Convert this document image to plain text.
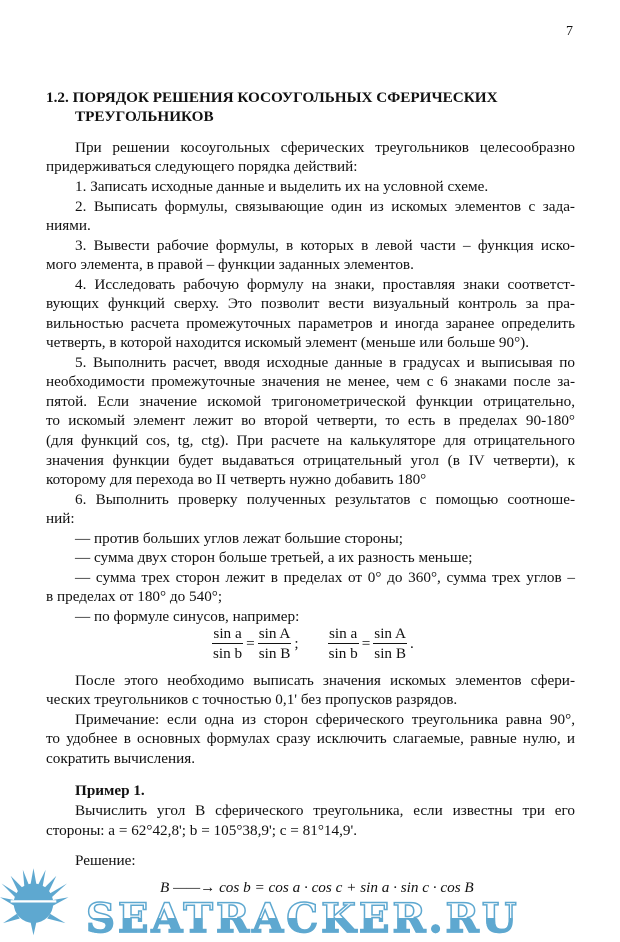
7
1.2. ПОРЯДОК РЕШЕНИЯ КОСОУГОЛЬНЫХ СФЕРИЧЕСКИХ
ТРЕУГОЛЬНИКОВ
При решении косоугольных сферических треугольников целесообразно
придерживаться следующего порядка действий:
1. Записать исходные данные и выделить их на условной схеме.
2. Выписать формулы, связывающие один из искомых элементов с зада-
ниями.
3. Вывести рабочие формулы, в которых в левой части – функция иско-
мого элемента, в правой – функции заданных элементов.
4. Исследовать рабочую формулу на знаки, проставляя знаки соответст-
вующих функций сверху. Это позволит вести визуальный контроль за пра-
вильностью расчета промежуточных параметров и иногда заранее определить
четверть, в которой находится искомый элемент (меньше или больше 90°).
5. Выполнить расчет, вводя исходные данные в градусах и выписывая по
необходимости промежуточные значения не менее, чем с 6 знаками после за-
пятой. Если значение искомой тригонометрической функции отрицательно,
то искомый элемент лежит во второй четверти, то есть в пределах 90-180°
(для функций cos, tg, ctg). При расчете на калькуляторе для отрицательного
значения функции будет выдаваться отрицательный угол (в IV четверти), к
которому для перехода во II четверть нужно добавить 180°
6. Выполнить проверку полученных результатов с помощью соотноше-
ний:
— против больших углов лежат большие стороны;
— сумма двух сторон больше третьей, а их разность меньше;
— сумма трех сторон лежит в пределах от 0° до 360°, сумма трех углов –
в пределах от 180° до 540°;
— по формуле синусов, например:
$\frac{\text{sin a}}{\text{sin b}} = \frac{\text{sin A}}{\text{sin B}}$ ; $\frac{\text{sin a}}{\text{sin b}} = \frac{\text{sin A}}{\text{sin B}}$ .
После этого необходимо выписать значения искомых элементов сфери-
ческих треугольников с точностью 0,1' без пропусков разрядов.
Примечание: если одна из сторон сферического треугольника равна 90°,
то удобнее в основных формулах сразу исключить слагаемые, равные нулю, и
сократить вычисления.
Пример 1.
Вычислить угол B сферического треугольника, если известны три его
стороны: a = 62°42,8'; b = 105°38,9'; c = 81°14,9'.
Решение:
B ——→ cos b = cos a · cos c + sin a · sin c · cos B
SEATRACKER.RU
